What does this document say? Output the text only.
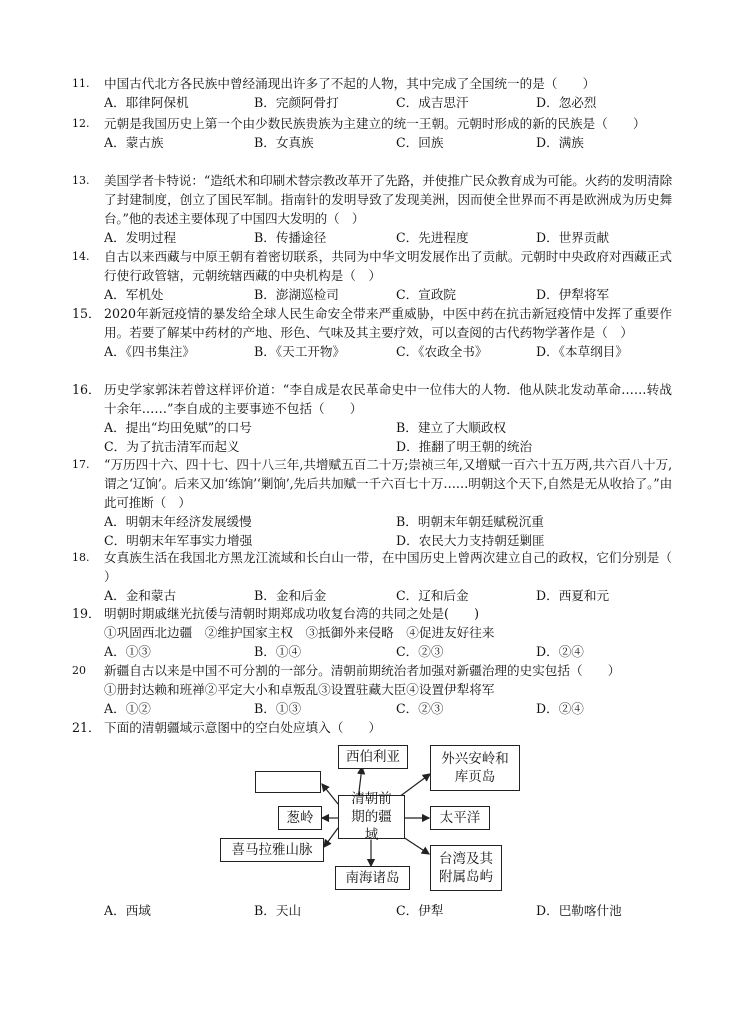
11.	中国古代北方各民族中曾经涌现出许多了不起的人物，其中完成了全国统一的是（　　）
A．耶律阿保机	B．完颜阿骨打	C．成吉思汗	D．忽必烈
12.	元朝是我国历史上第一个由少数民族贵族为主建立的统一王朝。元朝时形成的新的民族是（　　）
A．蒙古族	B．女真族	C．回族	D．满族
13.	美国学者卡特说：“造纸术和印刷术替宗教改革开了先路，并使推广民众教育成为可能。火药的发明清除了封建制度，创立了国民军制。指南针的发明导致了发现美洲，因而使全世界而不再是欧洲成为历史舞台。”他的表述主要体现了中国四大发明的（　）
A．发明过程	B．传播途径	C．先进程度	D．世界贡献
14.	自古以来西藏与中原王朝有着密切联系，共同为中华文明发展作出了贡献。元朝时中央政府对西藏正式行使行政管辖，元朝统辖西藏的中央机构是（　）
A．军机处	B．澎湖巡检司	C．宣政院	D．伊犁将军
15． 2020年新冠疫情的暴发给全球人民生命安全带来严重威胁，中医中药在抗击新冠疫情中发挥了重要作用。若要了解某中药材的产地、形色、气味及其主要疗效，可以查阅的古代药物学著作是（　）
A．《四书集注》	B．《天工开物》	C．《农政全书》	D．《本草纲目》
16． 历史学家郭沫若曾这样评价道：“李自成是农民革命史中一位伟大的人物．他从陕北发动革命……转战十余年……”李自成的主要事迹不包括（　　）
A．提出“均田免赋”的口号	B．建立了大顺政权
C．为了抗击清军而起义	D．推翻了明王朝的统治
17.	“万历四十六、四十七、四十八三年,共增赋五百二十万;崇祯三年,又增赋一百六十五万两,共六百八十万,谓之‘辽饷’。后来又加‘练饷’‘剿饷’,先后共加赋一千六百七十万……明朝这个天下,自然是无从收拾了。”由此可推断（　）
A．明朝末年经济发展缓慢	B．明朝末年朝廷赋税沉重
C．明朝末年军事实力增强	D．农民大力支持朝廷剿匪
18.	女真族生活在我国北方黑龙江流域和长白山一带，在中国历史上曾两次建立自己的政权，它们分别是（ ）
A．金和蒙古	B．金和后金	C．辽和后金	D．西夏和元
19． 明朝时期戚继光抗倭与清朝时期郑成功收复台湾的共同之处是(　　)
①巩固西北边疆　②维护国家主权　③抵御外来侵略　④促进友好往来
A．①③	B．①④	C．②③	D．②④
20	新疆自古以来是中国不可分割的一部分。清朝前期统治者加强对新疆治理的史实包括（　　）
①册封达赖和班禅②平定大小和卓叛乱③设置驻藏大臣④设置伊犁将军
A．①②	B．①③	C．②③	D．②④
21． 下面的清朝疆域示意图中的空白处应填入（　　）
西伯利亚	外兴安岭和库页岛
清朝前期的疆域
葱岭	太平洋
喜马拉雅山脉
南海诸岛
台湾及其附属岛屿
A．西域	B．天山	C．伊犁	D．巴勒喀什池
